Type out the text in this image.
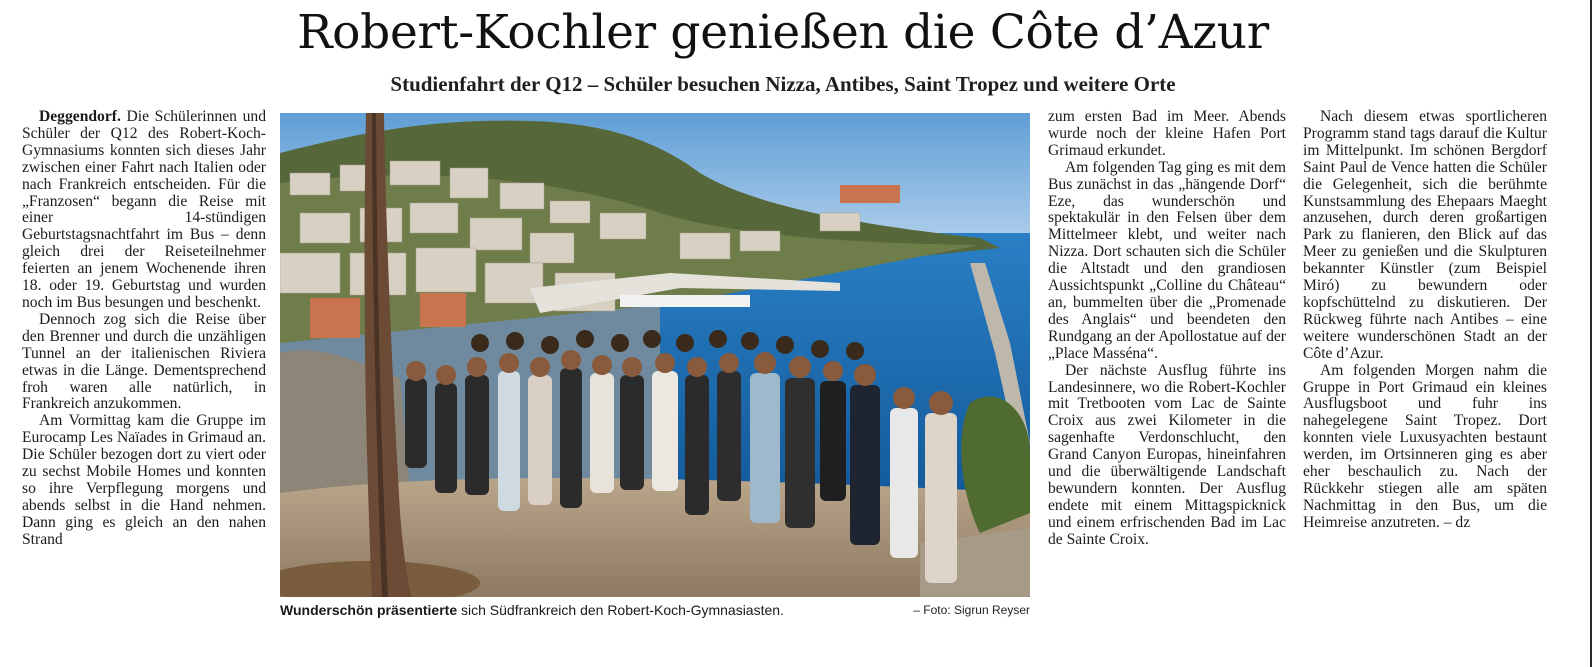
Robert-Kochler genießen die Côte d’Azur
Studienfahrt der Q12 – Schüler besuchen Nizza, Antibes, Saint Tropez und weitere Orte

Deggendorf. Die Schülerinnen und Schüler der Q12 des Robert-Koch-Gymnasiums konnten sich dieses Jahr zwischen einer Fahrt nach Italien oder nach Frankreich entscheiden. Für die „Franzosen“ begann die Reise mit einer 14-stündigen Geburtstagsnachtfahrt im Bus – denn gleich drei der Reiseteilnehmer feierten an jenem Wochenende ihren 18. oder 19. Geburtstag und wurden noch im Bus besungen und beschenkt.

Dennoch zog sich die Reise über den Brenner und durch die unzähligen Tunnel an der italienischen Riviera etwas in die Länge. Dementsprechend froh waren alle natürlich, in Frankreich anzukommen.

Am Vormittag kam die Gruppe im Eurocamp Les Naïades in Grimaud an. Die Schüler bezogen dort zu viert oder zu sechst Mobile Homes und konnten so ihre Verpflegung morgens und abends selbst in die Hand nehmen. Dann ging es gleich an den nahen Strand

Wunderschön präsentierte sich Südfrankreich den Robert-Koch-Gymnasiasten.	– Foto: Sigrun Reyser

zum ersten Bad im Meer. Abends wurde noch der kleine Hafen Port Grimaud erkundet.

Am folgenden Tag ging es mit dem Bus zunächst in das „hängende Dorf“ Eze, das wunderschön und spektakulär in den Felsen über dem Mittelmeer klebt, und weiter nach Nizza. Dort schauten sich die Schüler die Altstadt und den grandiosen Aussichtspunkt „Colline du Château“ an, bummelten über die „Promenade des Anglais“ und beendeten den Rundgang an der Apollostatue auf der „Place Masséna“.

Der nächste Ausflug führte ins Landesinnere, wo die Robert-Kochler mit Tretbooten vom Lac de Sainte Croix aus zwei Kilometer in die sagenhafte Verdonschlucht, den Grand Canyon Europas, hineinfahren und die überwältigende Landschaft bewundern konnten. Der Ausflug endete mit einem Mittagspicknick und einem erfrischenden Bad im Lac de Sainte Croix.

Nach diesem etwas sportlicheren Programm stand tags darauf die Kultur im Mittelpunkt. Im schönen Bergdorf Saint Paul de Vence hatten die Schüler die Gelegenheit, sich die berühmte Kunstsammlung des Ehepaars Maeght anzusehen, durch deren großartigen Park zu flanieren, den Blick auf das Meer zu genießen und die Skulpturen bekannter Künstler (zum Beispiel Miró) zu bewundern oder kopfschüttelnd zu diskutieren. Der Rückweg führte nach Antibes – eine weitere wunderschönen Stadt an der Côte d’Azur.

Am folgenden Morgen nahm die Gruppe in Port Grimaud ein kleines Ausflugsboot und fuhr ins nahegelegene Saint Tropez. Dort konnten viele Luxusyachten bestaunt werden, im Ortsinneren ging es aber eher beschaulich zu. Nach der Rückkehr stiegen alle am späten Nachmittag in den Bus, um die Heimreise anzutreten. – dz
